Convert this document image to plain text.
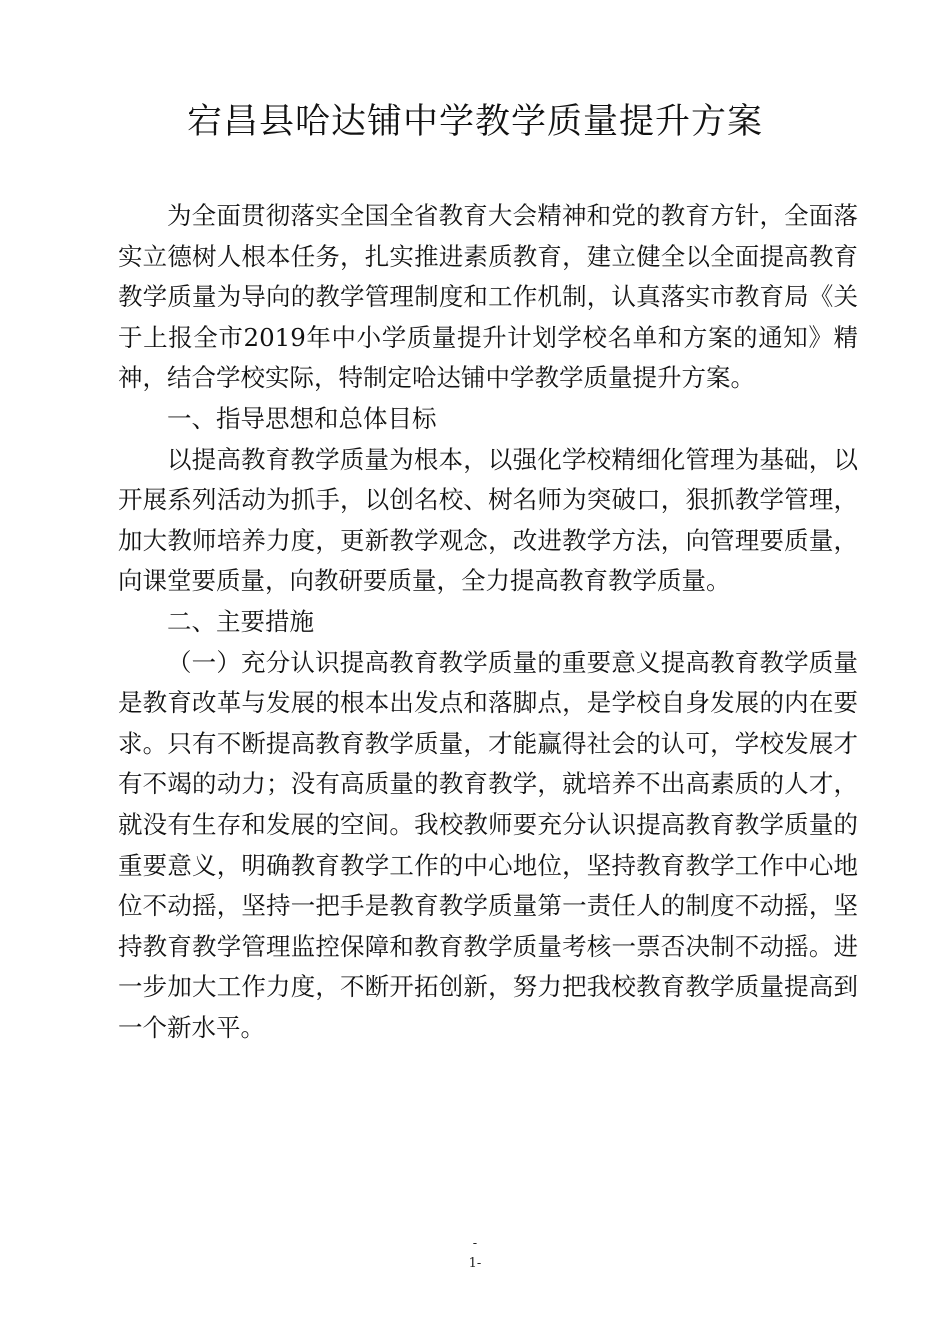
宕昌县哈达铺中学教学质量提升方案

为全面贯彻落实全国全省教育大会精神和党的教育方针，全面落实立德树人根本任务，扎实推进素质教育，建立健全以全面提高教育教学质量为导向的教学管理制度和工作机制，认真落实市教育局《关于上报全市2019年中小学质量提升计划学校名单和方案的通知》精神，结合学校实际，特制定哈达铺中学教学质量提升方案。

一、指导思想和总体目标

以提高教育教学质量为根本，以强化学校精细化管理为基础，以开展系列活动为抓手，以创名校、树名师为突破口，狠抓教学管理，加大教师培养力度，更新教学观念，改进教学方法，向管理要质量，向课堂要质量，向教研要质量，全力提高教育教学质量。

二、主要措施

（一）充分认识提高教育教学质量的重要意义提高教育教学质量是教育改革与发展的根本出发点和落脚点，是学校自身发展的内在要求。只有不断提高教育教学质量，才能赢得社会的认可，学校发展才有不竭的动力；没有高质量的教育教学，就培养不出高素质的人才，就没有生存和发展的空间。我校教师要充分认识提高教育教学质量的重要意义，明确教育教学工作的中心地位，坚持教育教学工作中心地位不动摇，坚持一把手是教育教学质量第一责任人的制度不动摇，坚持教育教学管理监控保障和教育教学质量考核一票否决制不动摇。进一步加大工作力度，不断开拓创新，努力把我校教育教学质量提高到一个新水平。

-
1-
